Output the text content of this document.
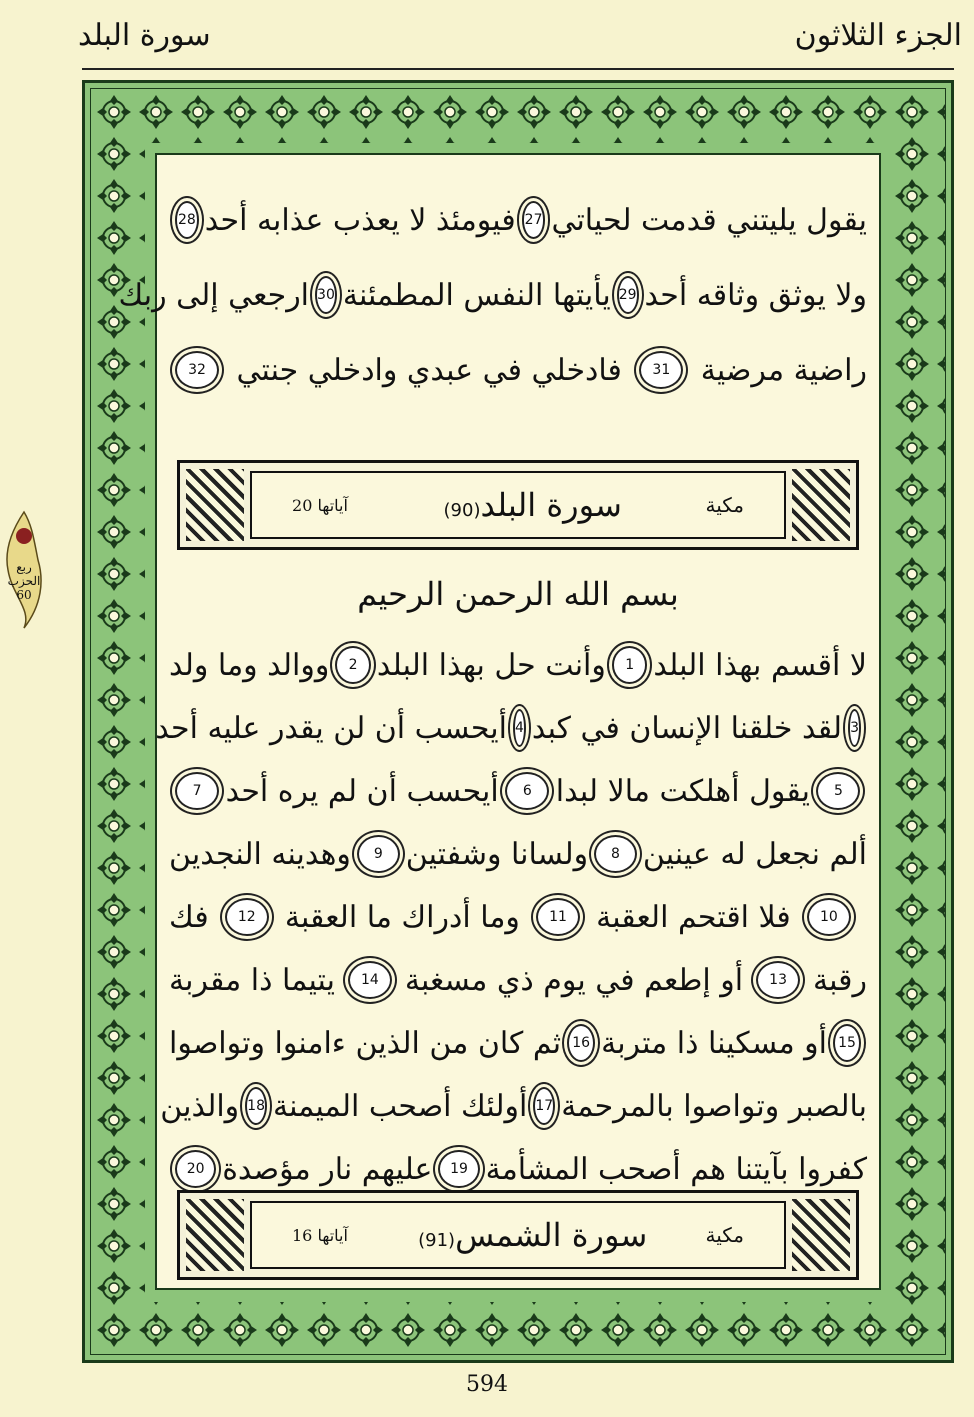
سورة البلد	الجزء الثلاثون
يقول يليتني قدمت لحياتي
27
فيومئذ لا يعذب عذابه أحد
28
ولا يوثق وثاقه أحد
29
يأيتها النفس المطمئنة
30
ارجعي إلى ربك
راضية مرضية
31
فادخلي في عبدي وادخلي جنتي
32
مكية
سورة البلد(90)
آياتها 20
بسم الله الرحمن الرحيم
لا أقسم بهذا البلد
1
وأنت حل بهذا البلد
2
ووالد وما ولد
3
لقد خلقنا الإنسان في كبد
4
أيحسب أن لن يقدر عليه أحد
5
يقول أهلكت مالا لبدا
6
أيحسب أن لم يره أحد
7
ألم نجعل له عينين
8
ولسانا وشفتين
9
وهدينه النجدين
10
فلا اقتحم العقبة
11
وما أدراك ما العقبة
12
فك
رقبة
13
أو إطعم في يوم ذي مسغبة
14
يتيما ذا مقربة
15
أو مسكينا ذا متربة
16
ثم كان من الذين ءامنوا وتواصوا
بالصبر وتواصوا بالمرحمة
17
أولئك أصحب الميمنة
18
والذين
كفروا بآيتنا هم أصحب المشأمة
19
عليهم نار مؤصدة
20
مكية
سورة الشمس(91)
آياتها 16
ربع الحزب
60
594
